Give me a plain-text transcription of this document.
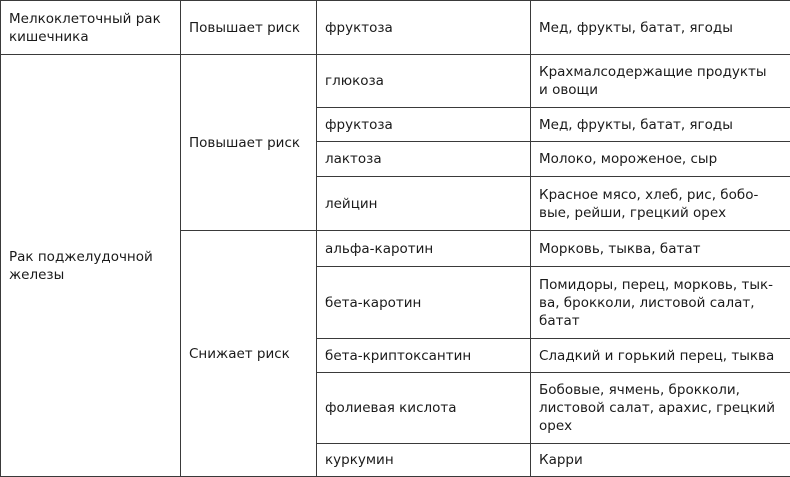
Мелкоклеточный рак
кишечника	Повышает риск	фруктоза	Мед, фрукты, батат, ягоды
Рак поджелудочной
железы	Повышает риск	глюкоза	Крахмалсодержащие продукты
и овощи
		фруктоза	Мед, фрукты, батат, ягоды
		лактоза	Молоко, мороженое, сыр
		лейцин	Красное мясо, хлеб, рис, бобо-
вые, рейши, грецкий орех
	Снижает риск	альфа-каротин	Морковь, тыква, батат
		бета-каротин	Помидоры, перец, морковь, тык-
ва, брокколи, листовой салат,
батат
		бета-криптоксантин	Сладкий и горький перец, тыква
		фолиевая кислота	Бобовые, ячмень, брокколи,
листовой салат, арахис, грецкий
орех
		куркумин	Карри
